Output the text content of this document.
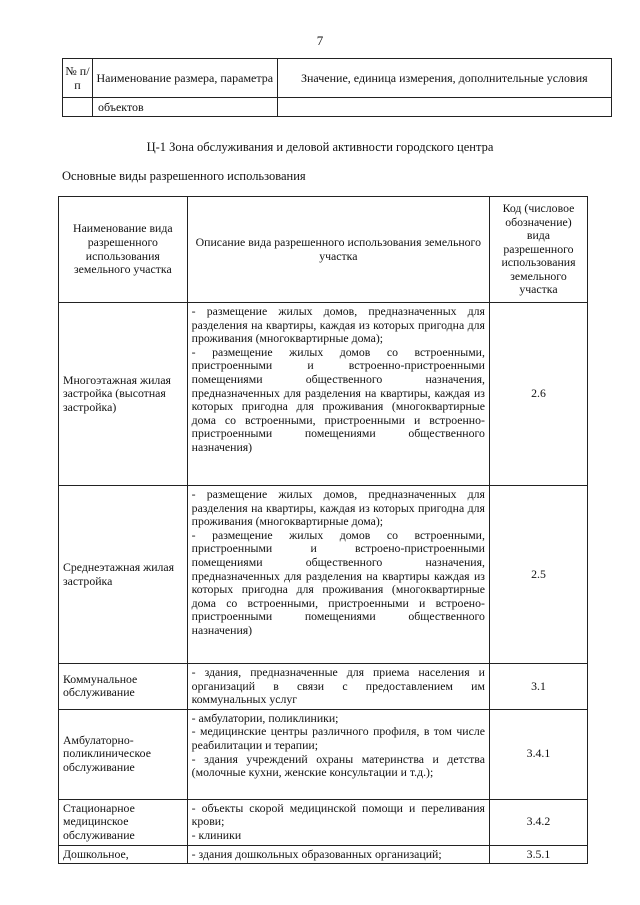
7
№ п/п	Наименование размера, параметра	Значение, единица измерения, дополнительные условия
	объектов	
Ц-1 Зона обслуживания и деловой активности городского центра
Основные виды разрешенного использования
Наименование вида разрешенного использования земельного участка	Описание вида разрешенного использования земельного участка	Код (числовое обозначение) вида разрешенного использования земельного участка
Многоэтажная жилая застройка (высотная застройка)	- размещение жилых домов, предназначенных для разделения на квартиры, каждая из которых пригодна для проживания (многоквартирные дома);
- размещение жилых домов со встроенными, пристроенными и встроенно-пристроенными помещениями общественного назначения, предназначенных для разделения на квартиры, каждая из которых пригодна для проживания (многоквартирные дома со встроенными, пристроенными и встроенно-пристроенными помещениями общественного назначения)	2.6
Среднеэтажная жилая застройка	- размещение жилых домов, предназначенных для разделения на квартиры, каждая из которых пригодна для проживания (многоквартирные дома);
- размещение жилых домов со встроенными, пристроенными и встроено-пристроенными помещениями общественного назначения, предназначенных для разделения на квартиры каждая из которых пригодна для проживания (многоквартирные дома со встроенными, пристроенными и встроено-пристроенными помещениями общественного назначения)	2.5
Коммунальное обслуживание	- здания, предназначенные для приема населения и организаций в связи с предоставлением им коммунальных услуг	3.1
Амбулаторно-поликлиническое обслуживание	- амбулатории, поликлиники;
- медицинские центры различного профиля, в том числе реабилитации и терапии;
- здания учреждений охраны материнства и детства (молочные кухни, женские консультации и т.д.);	3.4.1
Стационарное медицинское обслуживание	- объекты скорой медицинской помощи и переливания крови;
- клиники	3.4.2
Дошкольное,	- здания дошкольных образованных организаций;	3.5.1
